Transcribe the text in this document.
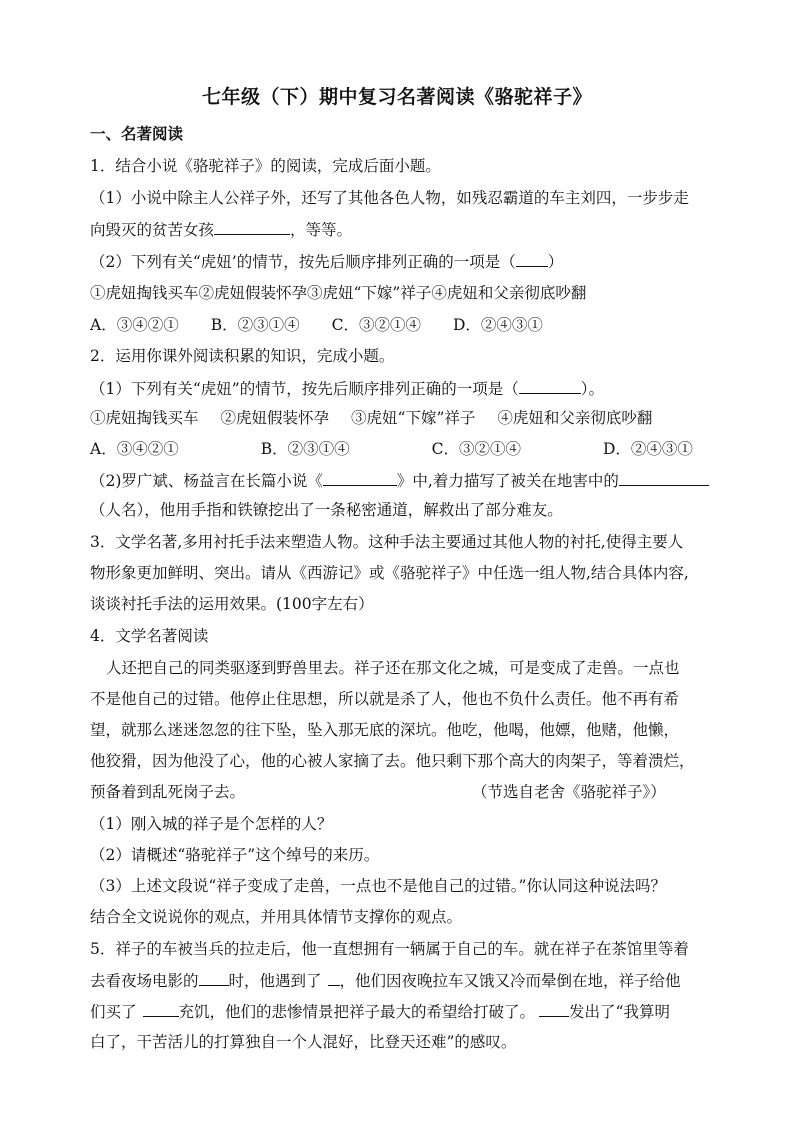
七年级（下）期中复习名著阅读《骆驼祥子》
一、名著阅读
1．结合小说《骆驼祥子》的阅读，完成后面小题。
（1）小说中除主人公祥子外，还写了其他各色人物，如残忍霸道的车主刘四，一步步走
向毁灭的贫苦女孩	，等等。
（2）下列有关“虎妞’的情节，按先后顺序排列正确的一项是（ ）
①虎妞掏钱买车②虎妞假装怀孕③虎妞“下嫁”祥子④虎妞和父亲彻底吵翻
A．③④②① B．②③①④ C．③②①④ D．②④③①
2．运用你课外阅读积累的知识，完成小题。
（1）下列有关“虎妞”的情节，按先后顺序排列正确的一项是（	）。
①虎妞掏钱买车 ②虎妞假装怀孕 ③虎妞“下嫁”祥子 ④虎妞和父亲彻底吵翻
A．③④②①	B．②③①④	C．③②①④	D．②④③①
（2)罗广斌、杨益言在长篇小说《	》中,着力描写了被关在地害中的
（人名），他用手指和铁镣挖出了一条秘密通道，解救出了部分难友。
3．文学名著,多用衬托手法来塑造人物。这种手法主要通过其他人物的衬托,使得主要人
物形象更加鲜明、突出。请从《西游记》或《骆驼祥子》中任选一组人物,结合具体内容,
谈谈衬托手法的运用效果。(100字左右）
4．文学名著阅读
人还把自己的同类驱逐到野兽里去。祥子还在那文化之城，可是变成了走兽。一点也
不是他自己的过错。他停止住思想，所以就是杀了人，他也不负什么责任。他不再有希
望，就那么迷迷忽忽的往下坠，坠入那无底的深坑。他吃，他喝，他嫖，他赌，他懒，
他狡猾，因为他没了心，他的心被人家摘了去。他只剩下那个高大的肉架子，等着溃烂，
预备着到乱死岗子去。	（节选自老舍《骆驼祥子》）
（1）刚入城的祥子是个怎样的人？
（2）请概述“骆驼祥子”这个绰号的来历。
（3）上述文段说“祥子变成了走兽，一点也不是他自己的过错。”你认同这种说法吗？
结合全文说说你的观点，并用具体情节支撑你的观点。
5．祥子的车被当兵的拉走后，他一直想拥有一辆属于自己的车。就在祥子在茶馆里等着
去看夜场电影的 时，他遇到了 ，他们因夜晚拉车又饿又冷而晕倒在地，祥子给他
们买了	充饥，他们的悲惨情景把祥子最大的希望给打破了。 发出了“我算明
白了，干苦活儿的打算独自一个人混好，比登天还难”的感叹。
